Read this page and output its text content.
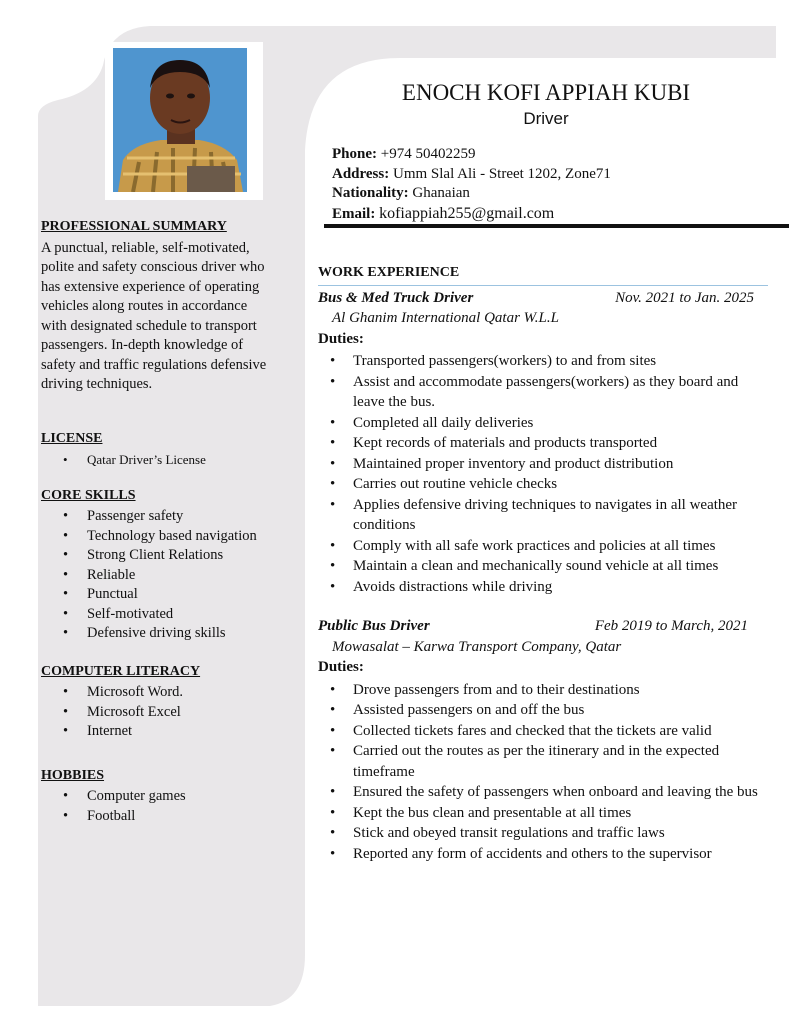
PROFESSIONAL SUMMARY

A punctual, reliable, self-motivated, polite and safety conscious driver who has extensive experience of operating vehicles along routes in accordance with designated schedule to transport passengers. In-depth knowledge of safety and traffic regulations defensive driving techniques.

LICENSE
• Qatar Driver’s License
CORE SKILLS
• Passenger safety
• Technology based navigation
• Strong Client Relations
• Reliable
• Punctual
• Self-motivated
• Defensive driving skills
COMPUTER LITERACY
• Microsoft Word.
• Microsoft Excel
• Internet
HOBBIES
• Computer games
• Football
ENOCH KOFI APPIAH KUBI
Driver
Phone: +974 50402259
Address: Umm Slal Ali - Street 1202, Zone71
Nationality: Ghanaian
Email: kofiappiah255@gmail.com
WORK EXPERIENCE
Bus & Med Truck Driver	Nov. 2021 to Jan. 2025
Al Ghanim International Qatar W.L.L
Duties:
• Transported passengers(workers) to and from sites
• Assist and accommodate passengers(workers) as they board and leave the bus.
• Completed all daily deliveries
• Kept records of materials and products transported
• Maintained proper inventory and product distribution
• Carries out routine vehicle checks
• Applies defensive driving techniques to navigates in all weather conditions
• Comply with all safe work practices and policies at all times
• Maintain a clean and mechanically sound vehicle at all times
• Avoids distractions while driving
Public Bus Driver	Feb 2019 to March, 2021
Mowasalat – Karwa Transport Company, Qatar
Duties:
• Drove passengers from and to their destinations
• Assisted passengers on and off the bus
• Collected tickets fares and checked that the tickets are valid
• Carried out the routes as per the itinerary and in the expected timeframe
• Ensured the safety of passengers when onboard and leaving the bus
• Kept the bus clean and presentable at all times
• Stick and obeyed transit regulations and traffic laws
• Reported any form of accidents and others to the supervisor
